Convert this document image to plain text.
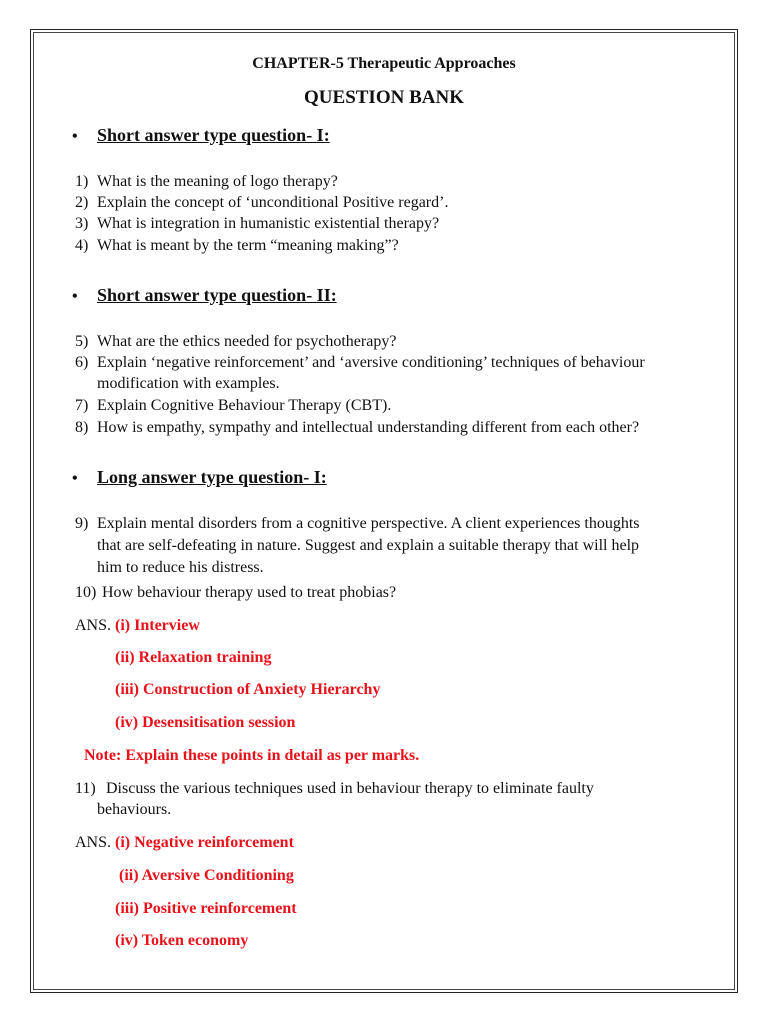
CHAPTER-5 Therapeutic Approaches
QUESTION BANK
• Short answer type question- I:
1) What is the meaning of logo therapy?
2) Explain the concept of ‘unconditional Positive regard’.
3) What is integration in humanistic existential therapy?
4) What is meant by the term “meaning making”?
• Short answer type question- II:
5) What are the ethics needed for psychotherapy?
6) Explain ‘negative reinforcement’ and ‘aversive conditioning’ techniques of behaviour
modification with examples.
7) Explain Cognitive Behaviour Therapy (CBT).
8) How is empathy, sympathy and intellectual understanding different from each other?
• Long answer type question- I:
9) Explain mental disorders from a cognitive perspective. A client experiences thoughts
that are self-defeating in nature. Suggest and explain a suitable therapy that will help
him to reduce his distress.
10) How behaviour therapy used to treat phobias?
ANS. (i) Interview
(ii) Relaxation training
(iii) Construction of Anxiety Hierarchy
(iv) Desensitisation session
Note: Explain these points in detail as per marks.
11) Discuss the various techniques used in behaviour therapy to eliminate faulty
behaviours.
ANS. (i) Negative reinforcement
(ii) Aversive Conditioning
(iii) Positive reinforcement
(iv) Token economy
